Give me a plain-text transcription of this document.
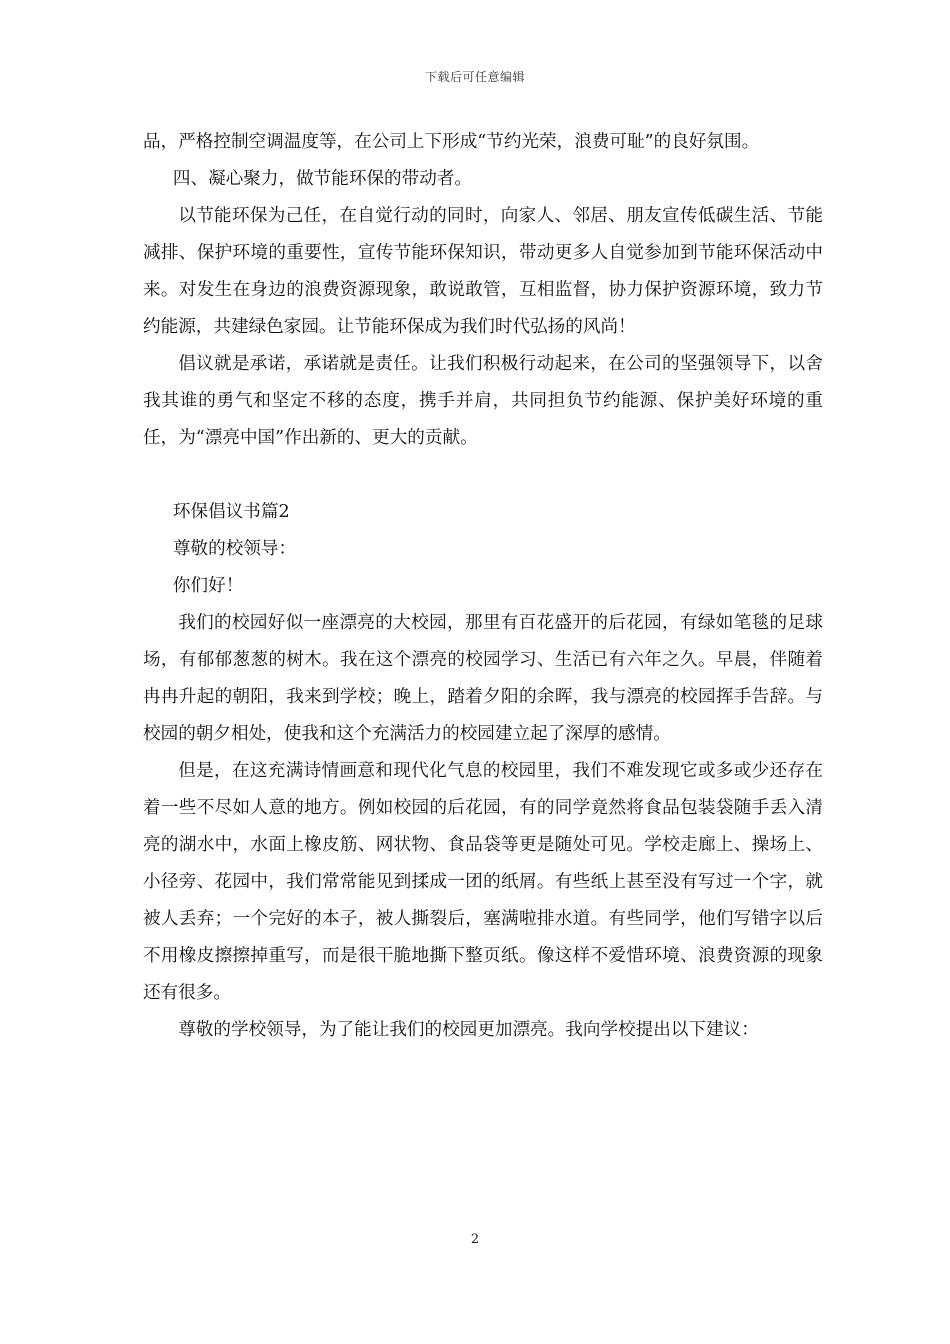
下载后可任意编辑

品，严格控制空调温度等，在公司上下形成“节约光荣，浪费可耻”的良好氛围。

四、凝心聚力，做节能环保的带动者。

以节能环保为己任，在自觉行动的同时，向家人、邻居、朋友宣传低碳生活、节能减排、保护环境的重要性，宣传节能环保知识，带动更多人自觉参加到节能环保活动中来。对发生在身边的浪费资源现象，敢说敢管，互相监督，协力保护资源环境，致力节约能源，共建绿色家园。让节能环保成为我们时代弘扬的风尚！

倡议就是承诺，承诺就是责任。让我们积极行动起来，在公司的坚强领导下，以舍我其谁的勇气和坚定不移的态度，携手并肩，共同担负节约能源、保护美好环境的重任，为“漂亮中国”作出新的、更大的贡献。

环保倡议书篇2

尊敬的校领导：

你们好！

我们的校园好似一座漂亮的大校园，那里有百花盛开的后花园，有绿如笔毯的足球场，有郁郁葱葱的树木。我在这个漂亮的校园学习、生活已有六年之久。早晨，伴随着冉冉升起的朝阳，我来到学校；晚上，踏着夕阳的余晖，我与漂亮的校园挥手告辞。与校园的朝夕相处，使我和这个充满活力的校园建立起了深厚的感情。

但是，在这充满诗情画意和现代化气息的校园里，我们不难发现它或多或少还存在着一些不尽如人意的地方。例如校园的后花园，有的同学竟然将食品包装袋随手丢入清亮的湖水中，水面上橡皮筋、网状物、食品袋等更是随处可见。学校走廊上、操场上、小径旁、花园中，我们常常能见到揉成一团的纸屑。有些纸上甚至没有写过一个字，就被人丢弃；一个完好的本子，被人撕裂后，塞满啦排水道。有些同学，他们写错字以后不用橡皮擦擦掉重写，而是很干脆地撕下整页纸。像这样不爱惜环境、浪费资源的现象还有很多。

尊敬的学校领导，为了能让我们的校园更加漂亮。我向学校提出以下建议：

2
